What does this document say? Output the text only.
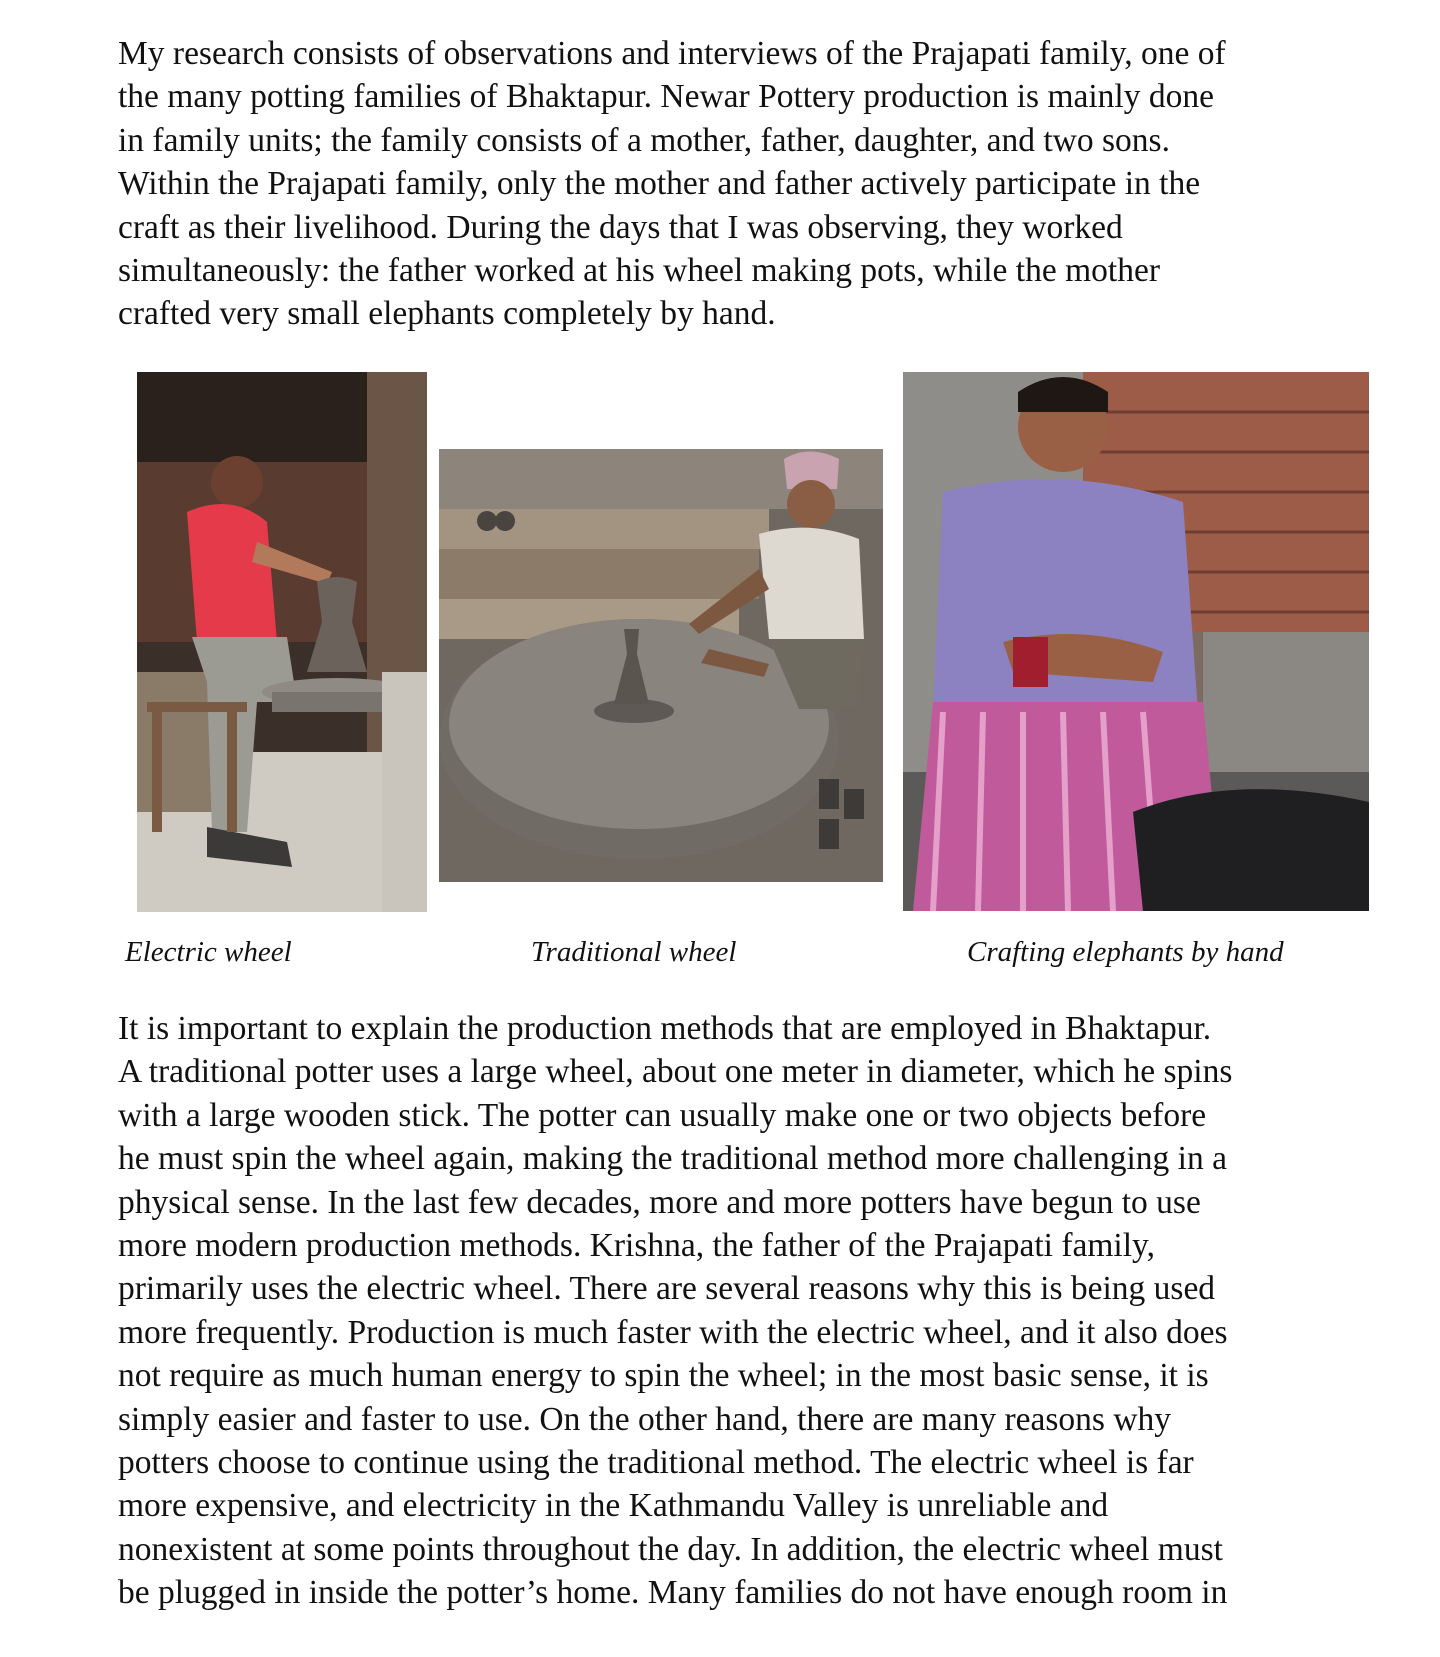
My research consists of observations and interviews of the Prajapati family, one of
the many potting families of Bhaktapur. Newar Pottery production is mainly done
in family units; the family consists of a mother, father, daughter, and two sons.
Within the Prajapati family, only the mother and father actively participate in the
craft as their livelihood. During the days that I was observing, they worked
simultaneously: the father worked at his wheel making pots, while the mother
crafted very small elephants completely by hand.

Electric wheel	Traditional wheel	Crafting elephants by hand

It is important to explain the production methods that are employed in Bhaktapur.
A traditional potter uses a large wheel, about one meter in diameter, which he spins
with a large wooden stick. The potter can usually make one or two objects before
he must spin the wheel again, making the traditional method more challenging in a
physical sense. In the last few decades, more and more potters have begun to use
more modern production methods. Krishna, the father of the Prajapati family,
primarily uses the electric wheel. There are several reasons why this is being used
more frequently. Production is much faster with the electric wheel, and it also does
not require as much human energy to spin the wheel; in the most basic sense, it is
simply easier and faster to use. On the other hand, there are many reasons why
potters choose to continue using the traditional method. The electric wheel is far
more expensive, and electricity in the Kathmandu Valley is unreliable and
nonexistent at some points throughout the day. In addition, the electric wheel must
be plugged in inside the potter’s home. Many families do not have enough room in
